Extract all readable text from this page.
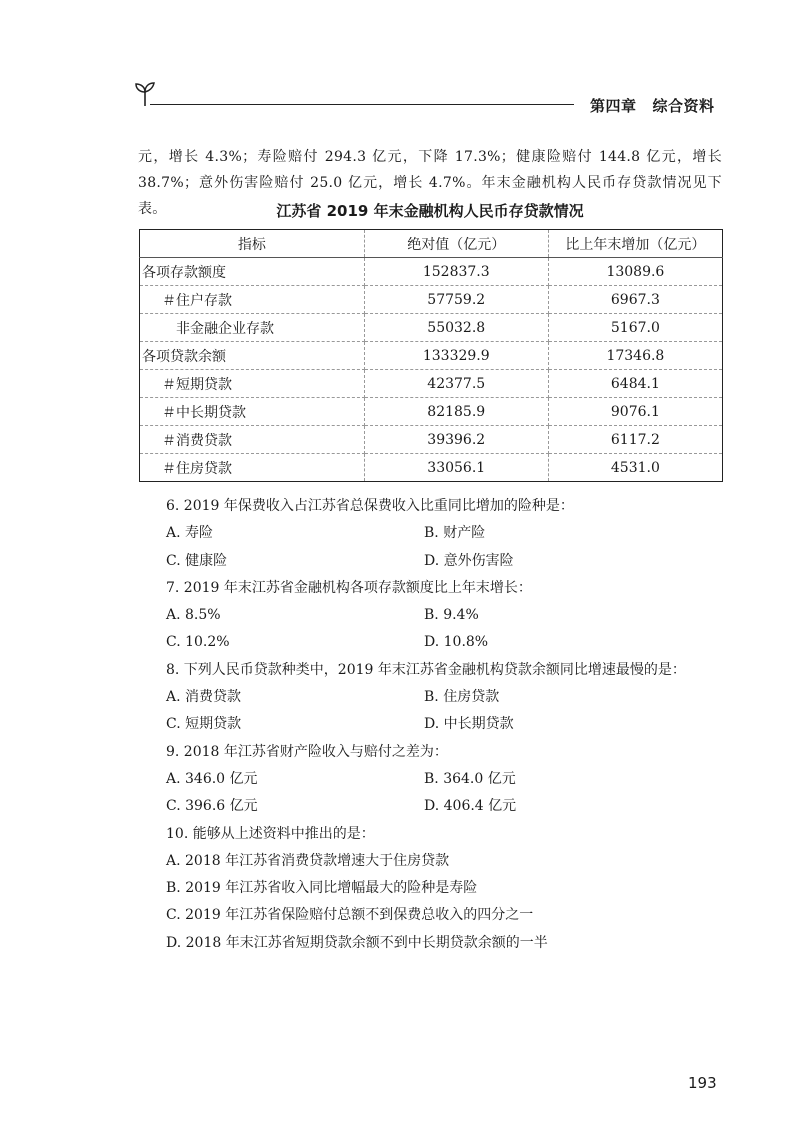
第四章 综合资料
元，增长 4.3%；寿险赔付 294.3 亿元，下降 17.3%；健康险赔付 144.8 亿元，增长 38.7%；意外伤害险赔付 25.0 亿元，增长 4.7%。年末金融机构人民币存贷款情况见下表。	江苏省 2019 年末金融机构人民币存贷款情况
指标	绝对值（亿元）	比上年末增加（亿元）
各项存款额度	152837.3	13089.6
＃住户存款	57759.2	6967.3
非金融企业存款	55032.8	5167.0
各项贷款余额	133329.9	17346.8
＃短期贷款	42377.5	6484.1
＃中长期贷款	82185.9	9076.1
＃消费贷款	39396.2	6117.2
＃住房贷款	33056.1	4531.0
6. 2019 年保费收入占江苏省总保费收入比重同比增加的险种是：
A. 寿险	B. 财产险
C. 健康险	D. 意外伤害险
7. 2019 年末江苏省金融机构各项存款额度比上年末增长：
A. 8.5%	B. 9.4%
C. 10.2%	D. 10.8%
8. 下列人民币贷款种类中，2019 年末江苏省金融机构贷款余额同比增速最慢的是：
A. 消费贷款	B. 住房贷款
C. 短期贷款	D. 中长期贷款
9. 2018 年江苏省财产险收入与赔付之差为：
A. 346.0 亿元	B. 364.0 亿元
C. 396.6 亿元	D. 406.4 亿元
10. 能够从上述资料中推出的是：
A. 2018 年江苏省消费贷款增速大于住房贷款
B. 2019 年江苏省收入同比增幅最大的险种是寿险
C. 2019 年江苏省保险赔付总额不到保费总收入的四分之一
D. 2018 年末江苏省短期贷款余额不到中长期贷款余额的一半
193
